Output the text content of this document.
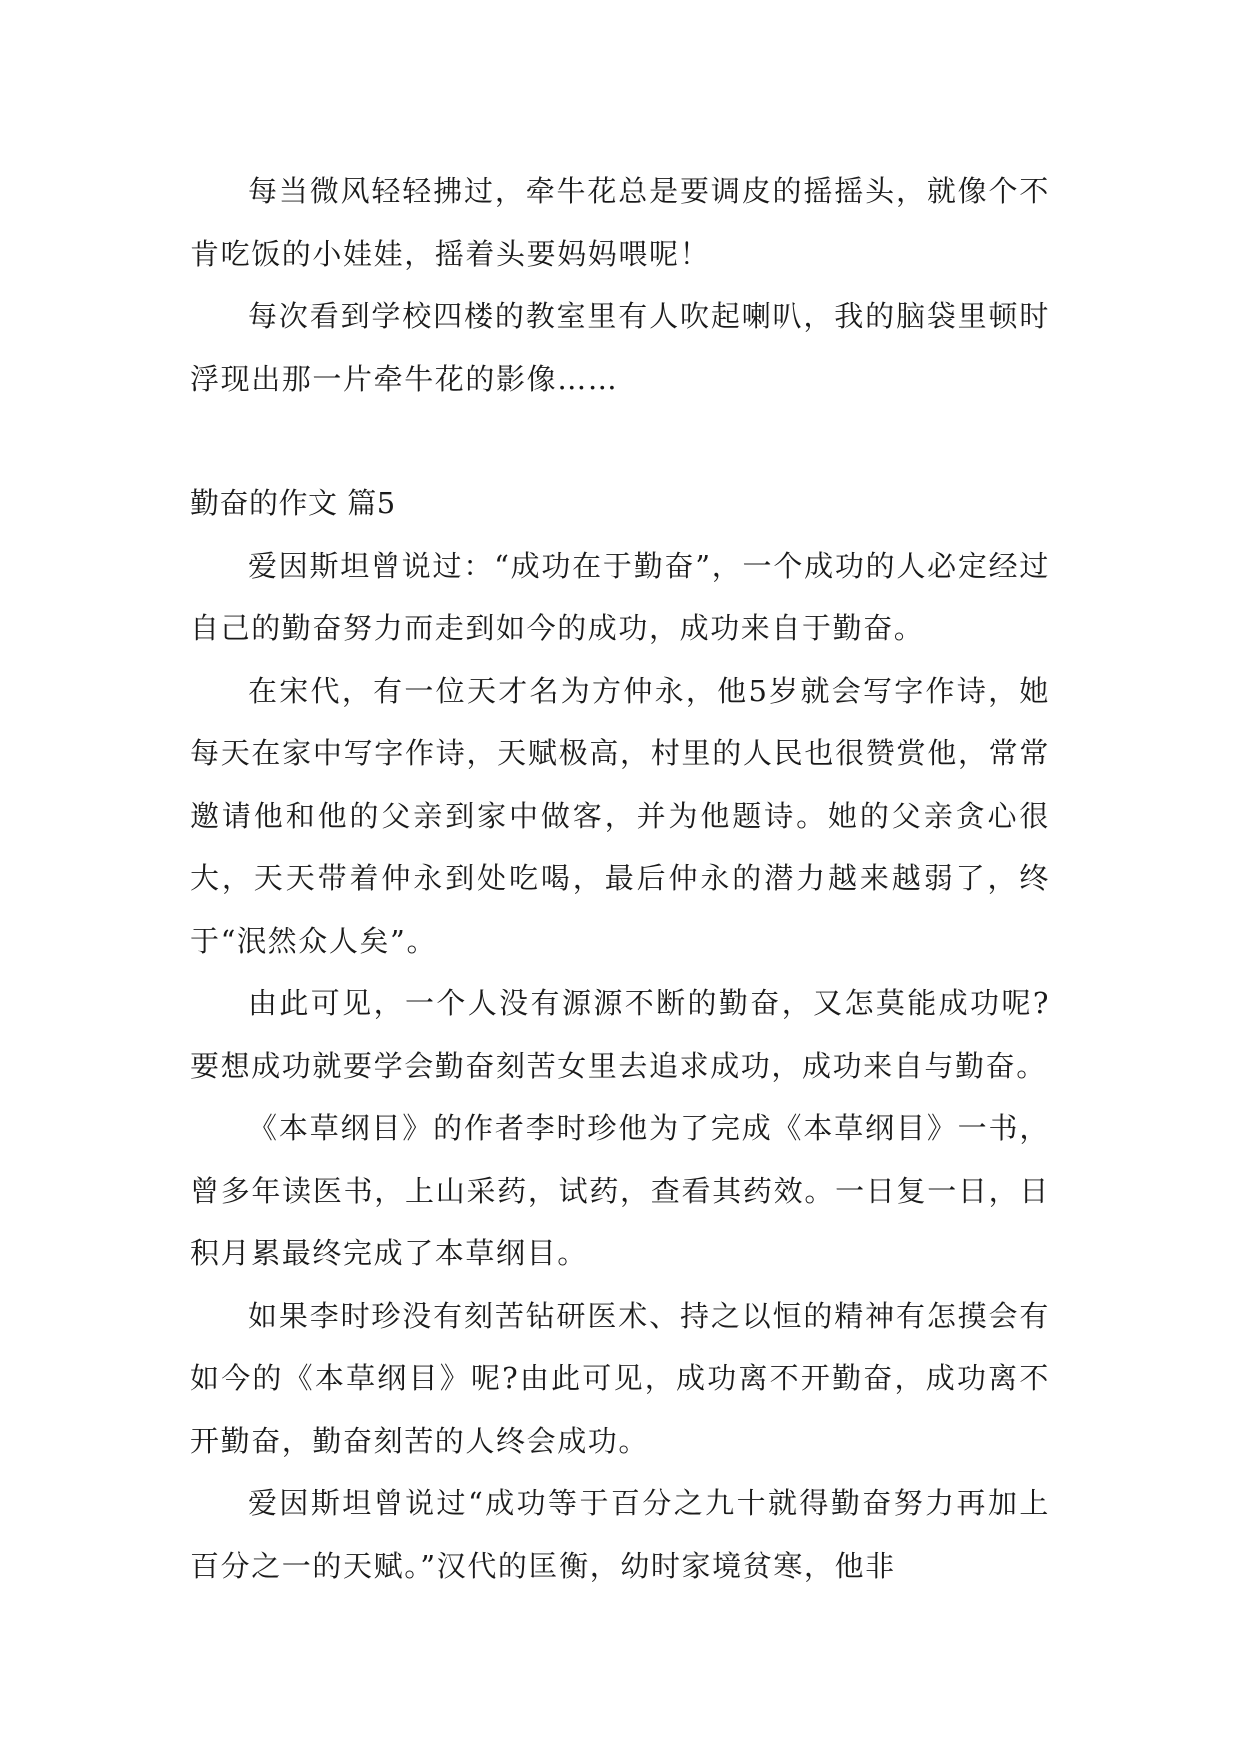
每当微风轻轻拂过，牵牛花总是要调皮的摇摇头，就像个不肯吃饭的小娃娃，摇着头要妈妈喂呢！

每次看到学校四楼的教室里有人吹起喇叭，我的脑袋里顿时浮现出那一片牵牛花的影像……

勤奋的作文 篇5

爱因斯坦曾说过：“成功在于勤奋”，一个成功的人必定经过自己的勤奋努力而走到如今的成功，成功来自于勤奋。

在宋代，有一位天才名为方仲永，他5岁就会写字作诗，她每天在家中写字作诗，天赋极高，村里的人民也很赞赏他，常常邀请他和他的父亲到家中做客，并为他题诗。她的父亲贪心很大，天天带着仲永到处吃喝，最后仲永的潜力越来越弱了，终于“泯然众人矣”。

由此可见，一个人没有源源不断的勤奋，又怎莫能成功呢?要想成功就要学会勤奋刻苦女里去追求成功，成功来自与勤奋。

《本草纲目》的作者李时珍他为了完成《本草纲目》一书，曾多年读医书，上山采药，试药，查看其药效。一日复一日，日积月累最终完成了本草纲目。

如果李时珍没有刻苦钻研医术、持之以恒的精神有怎摸会有如今的《本草纲目》呢?由此可见，成功离不开勤奋，成功离不开勤奋，勤奋刻苦的人终会成功。

爱因斯坦曾说过“成功等于百分之九十就得勤奋努力再加上百分之一的天赋。”汉代的匡衡，幼时家境贫寒，他非
